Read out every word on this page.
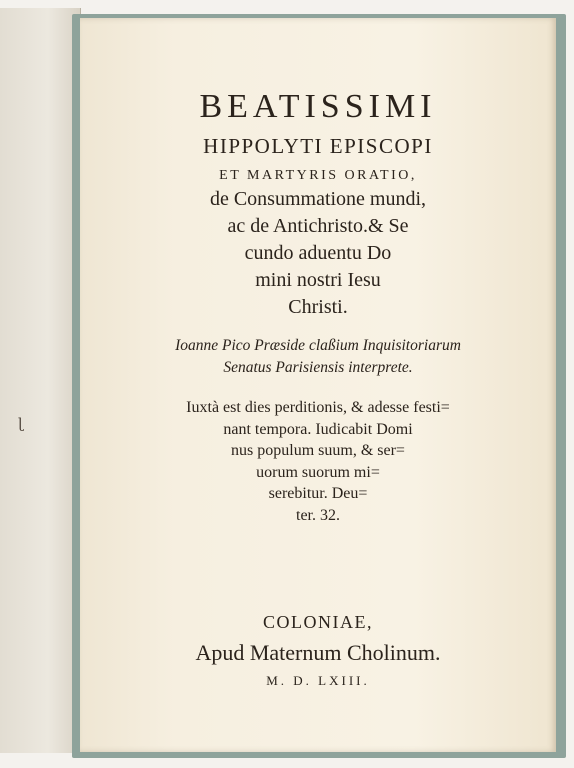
ɭ
BEATISSIMI
HIPPOLYTI EPISCOPI
ET MARTYRIS ORATIO,
de Consummatione mundi,
ac de Antichristo.& Se
cundo aduentu Do
mini nostri Iesu
Christi.
Ioanne Pico Præside claßium Inquisitoriarum
Senatus Parisiensis interprete.
Iuxtà est dies perditionis, & adesse festi=
nant tempora. Iudicabit Domi
nus populum suum, & ser=
uorum suorum mi=
serebitur. Deu=
ter. 32.
COLONIAE,
Apud Maternum Cholinum.
M. D. LXIII.
